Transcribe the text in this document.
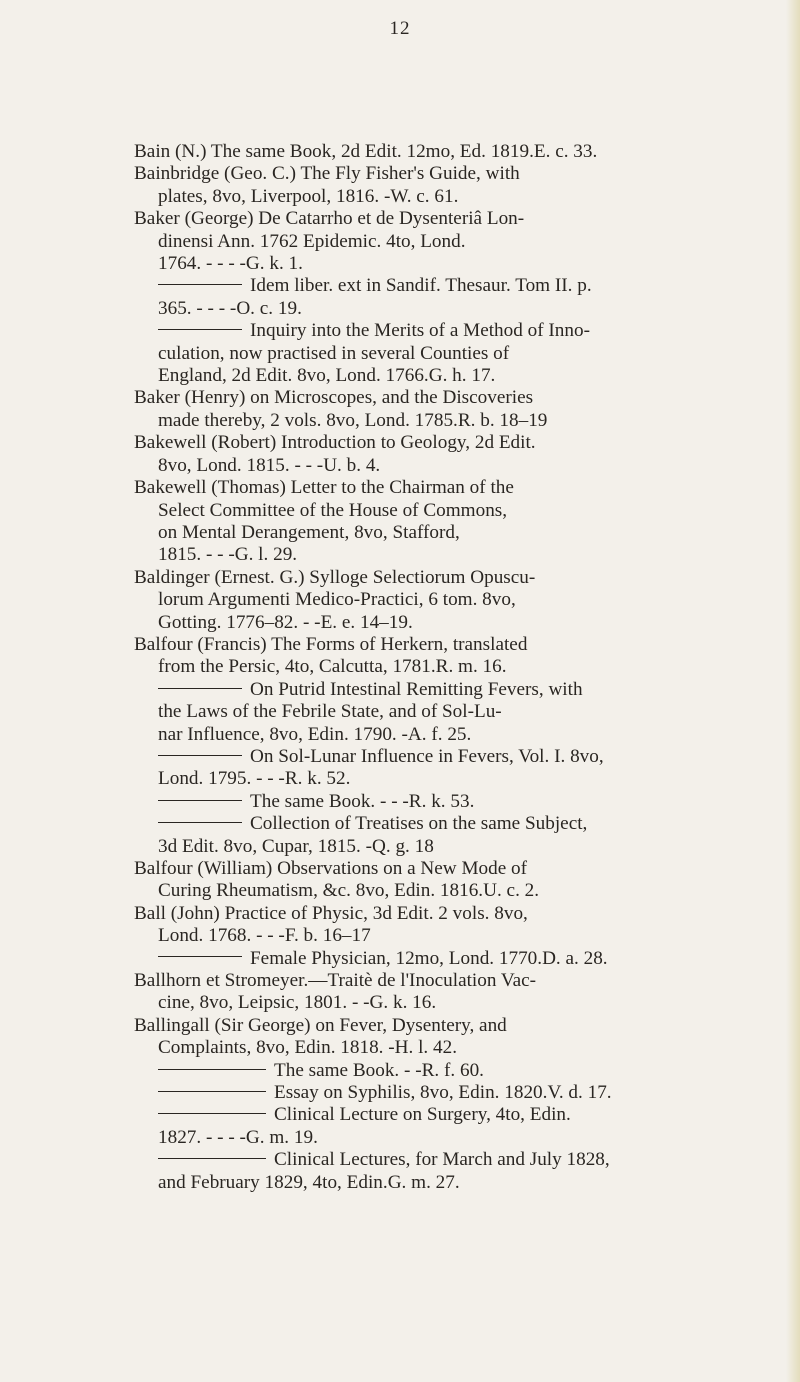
12
Bain (N.) The same Book, 2d Edit. 12mo, Ed. 1819.E. c. 33.
Bainbridge (Geo. C.) The Fly Fisher's Guide, with
plates, 8vo, Liverpool, 1816. -W. c. 61.
Baker (George) De Catarrho et de Dysenteriâ Lon-
dinensi Ann. 1762 Epidemic. 4to, Lond.
1764. - - - -G. k. 1.
Idem liber. ext in Sandif. Thesaur. Tom II. p.
365. - - - -O. c. 19.
Inquiry into the Merits of a Method of Inno-
culation, now practised in several Counties of
England, 2d Edit. 8vo, Lond. 1766.G. h. 17.
Baker (Henry) on Microscopes, and the Discoveries
made thereby, 2 vols. 8vo, Lond. 1785.R. b. 18–19
Bakewell (Robert) Introduction to Geology, 2d Edit.
8vo, Lond. 1815. - - -U. b. 4.
Bakewell (Thomas) Letter to the Chairman of the
Select Committee of the House of Commons,
on Mental Derangement, 8vo, Stafford,
1815. - - -G. l. 29.
Baldinger (Ernest. G.) Sylloge Selectiorum Opuscu-
lorum Argumenti Medico-Practici, 6 tom. 8vo,
Gotting. 1776–82. - -E. e. 14–19.
Balfour (Francis) The Forms of Herkern, translated
from the Persic, 4to, Calcutta, 1781.R. m. 16.
On Putrid Intestinal Remitting Fevers, with
the Laws of the Febrile State, and of Sol-Lu-
nar Influence, 8vo, Edin. 1790. -A. f. 25.
On Sol-Lunar Influence in Fevers, Vol. I. 8vo,
Lond. 1795. - - -R. k. 52.
The same Book. - - -R. k. 53.
Collection of Treatises on the same Subject,
3d Edit. 8vo, Cupar, 1815. -Q. g. 18
Balfour (William) Observations on a New Mode of
Curing Rheumatism, &c. 8vo, Edin. 1816.U. c. 2.
Ball (John) Practice of Physic, 3d Edit. 2 vols. 8vo,
Lond. 1768. - - -F. b. 16–17
Female Physician, 12mo, Lond. 1770.D. a. 28.
Ballhorn et Stromeyer.—Traitè de l'Inoculation Vac-
cine, 8vo, Leipsic, 1801. - -G. k. 16.
Ballingall (Sir George) on Fever, Dysentery, and
Complaints, 8vo, Edin. 1818. -H. l. 42.
The same Book. - -R. f. 60.
Essay on Syphilis, 8vo, Edin. 1820.V. d. 17.
Clinical Lecture on Surgery, 4to, Edin.
1827. - - - -G. m. 19.
Clinical Lectures, for March and July 1828,
and February 1829, 4to, Edin.G. m. 27.
